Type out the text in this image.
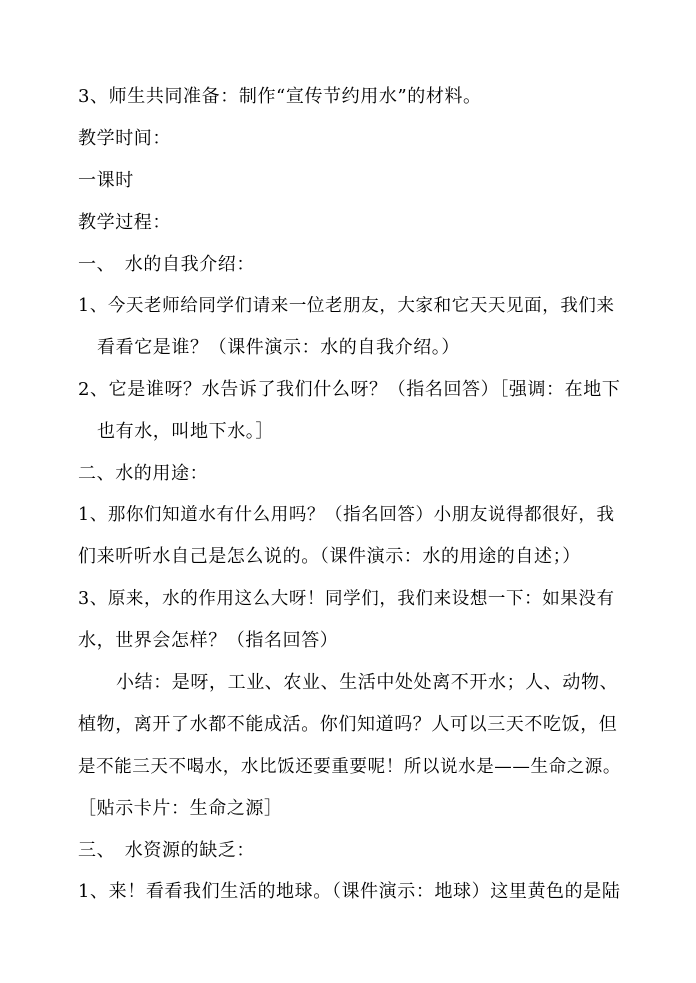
3、师生共同准备：制作“宣传节约用水”的材料。
教学时间：
一课时
教学过程：
一、　水的自我介绍：
1、今天老师给同学们请来一位老朋友，大家和它天天见面，我们来
看看它是谁？（课件演示：水的自我介绍。）
2、它是谁呀？水告诉了我们什么呀？（指名回答）［强调：在地下
也有水，叫地下水。］
二、水的用途：
1、那你们知道水有什么用吗？（指名回答）小朋友说得都很好，我
们来听听水自己是怎么说的。（课件演示：水的用途的自述；）
3、原来，水的作用这么大呀！同学们，我们来设想一下：如果没有
水，世界会怎样？（指名回答）
小结：是呀，工业、农业、生活中处处离不开水；人、动物、
植物，离开了水都不能成活。你们知道吗？人可以三天不吃饭，但
是不能三天不喝水，水比饭还要重要呢！所以说水是——生命之源。
［贴示卡片：生命之源］
三、　水资源的缺乏：
1、来！看看我们生活的地球。（课件演示：地球）这里黄色的是陆
